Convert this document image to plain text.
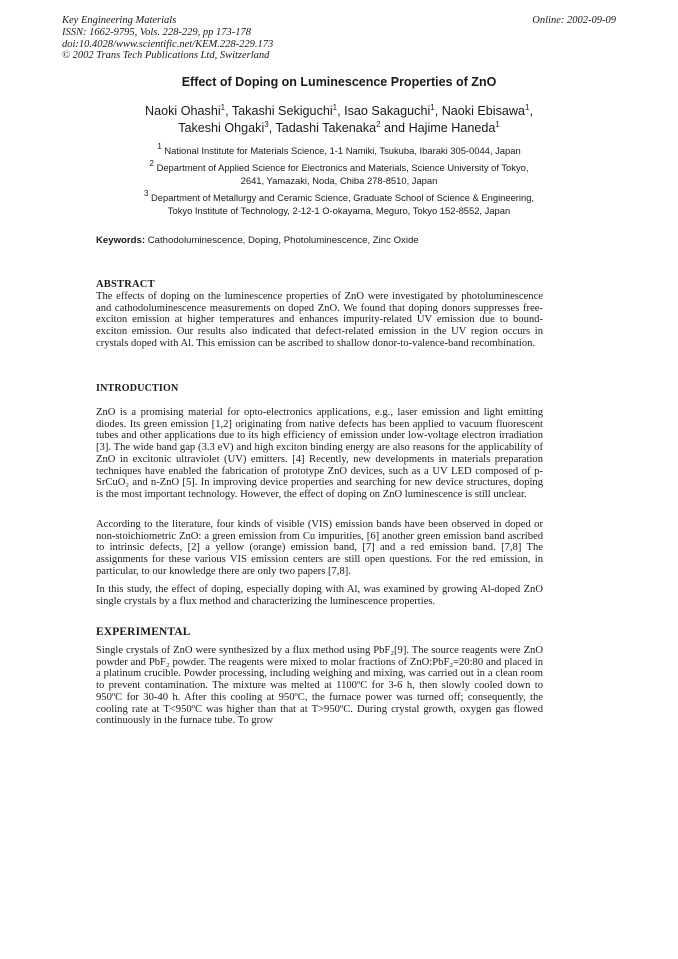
Key Engineering Materials
ISSN: 1662-9795, Vols. 228-229, pp 173-178
doi:10.4028/www.scientific.net/KEM.228-229.173
© 2002 Trans Tech Publications Ltd, Switzerland
Online: 2002-09-09
Effect of Doping on Luminescence Properties of ZnO
Naoki Ohashi$^1$, Takashi Sekiguchi$^1$, Isao Sakaguchi$^1$, Naoki Ebisawa$^1$,
Takeshi Ohgaki$^3$, Tadashi Takenaka$^2$ and Hajime Haneda$^1$
$^1$ National Institute for Materials Science, 1-1 Namiki, Tsukuba, Ibaraki 305-0044, Japan
$^2$ Department of Applied Science for Electronics and Materials, Science University of Tokyo,
2641, Yamazaki, Noda, Chiba 278-8510, Japan
$^3$ Department of Metallurgy and Ceramic Science, Graduate School of Science & Engineering,
Tokyo Institute of Technology, 2-12-1 O-okayama, Meguro, Tokyo 152-8552, Japan
Keywords: Cathodoluminescence, Doping, Photoluminescence, Zinc Oxide
ABSTRACT
The effects of doping on the luminescence properties of ZnO were investigated by photoluminescence and cathodoluminescence measurements on doped ZnO. We found that doping donors suppresses free-exciton emission at higher temperatures and enhances impurity-related UV emission due to bound-exciton emission. Our results also indicated that defect-related emission in the UV region occurs in crystals doped with Al. This emission can be ascribed to shallow donor-to-valence-band recombination.
INTRODUCTION
ZnO is a promising material for opto-electronics applications, e.g., laser emission and light emitting diodes. Its green emission [1,2] originating from native defects has been applied to vacuum fluorescent tubes and other applications due to its high efficiency of emission under low-voltage electron irradiation [3]. The wide band gap (3.3 eV) and high exciton binding energy are also reasons for the applicability of ZnO in excitonic ultraviolet (UV) emitters. [4] Recently, new developments in materials preparation techniques have enabled the fabrication of prototype ZnO devices, such as a UV LED composed of p-SrCuO₂ and n-ZnO [5]. In improving device properties and searching for new device structures, doping is the most important technology. However, the effect of doping on ZnO luminescence is still unclear.
According to the literature, four kinds of visible (VIS) emission bands have been observed in doped or non-stoichiometric ZnO: a green emission from Cu impurities, [6] another green emission band ascribed to intrinsic defects, [2] a yellow (orange) emission band, [7] and a red emission band. [7,8] The assignments for these various VIS emission centers are still open questions. For the red emission, in particular, to our knowledge there are only two papers [7,8].
In this study, the effect of doping, especially doping with Al, was examined by growing Al-doped ZnO single crystals by a flux method and characterizing the luminescence properties.
EXPERIMENTAL
Single crystals of ZnO were synthesized by a flux method using PbF₂[9]. The source reagents were ZnO powder and PbF₂ powder. The reagents were mixed to molar fractions of ZnO:PbF₂=20:80 and placed in a platinum crucible. Powder processing, including weighing and mixing, was carried out in a clean room to prevent contamination. The mixture was melted at 1100ºC for 3-6 h, then slowly cooled down to 950ºC for 30-40 h. After this cooling at 950ºC, the furnace power was turned off; consequently, the cooling rate at T<950ºC was higher than that at T>950ºC. During crystal growth, oxygen gas flowed continuously in the furnace tube. To grow
